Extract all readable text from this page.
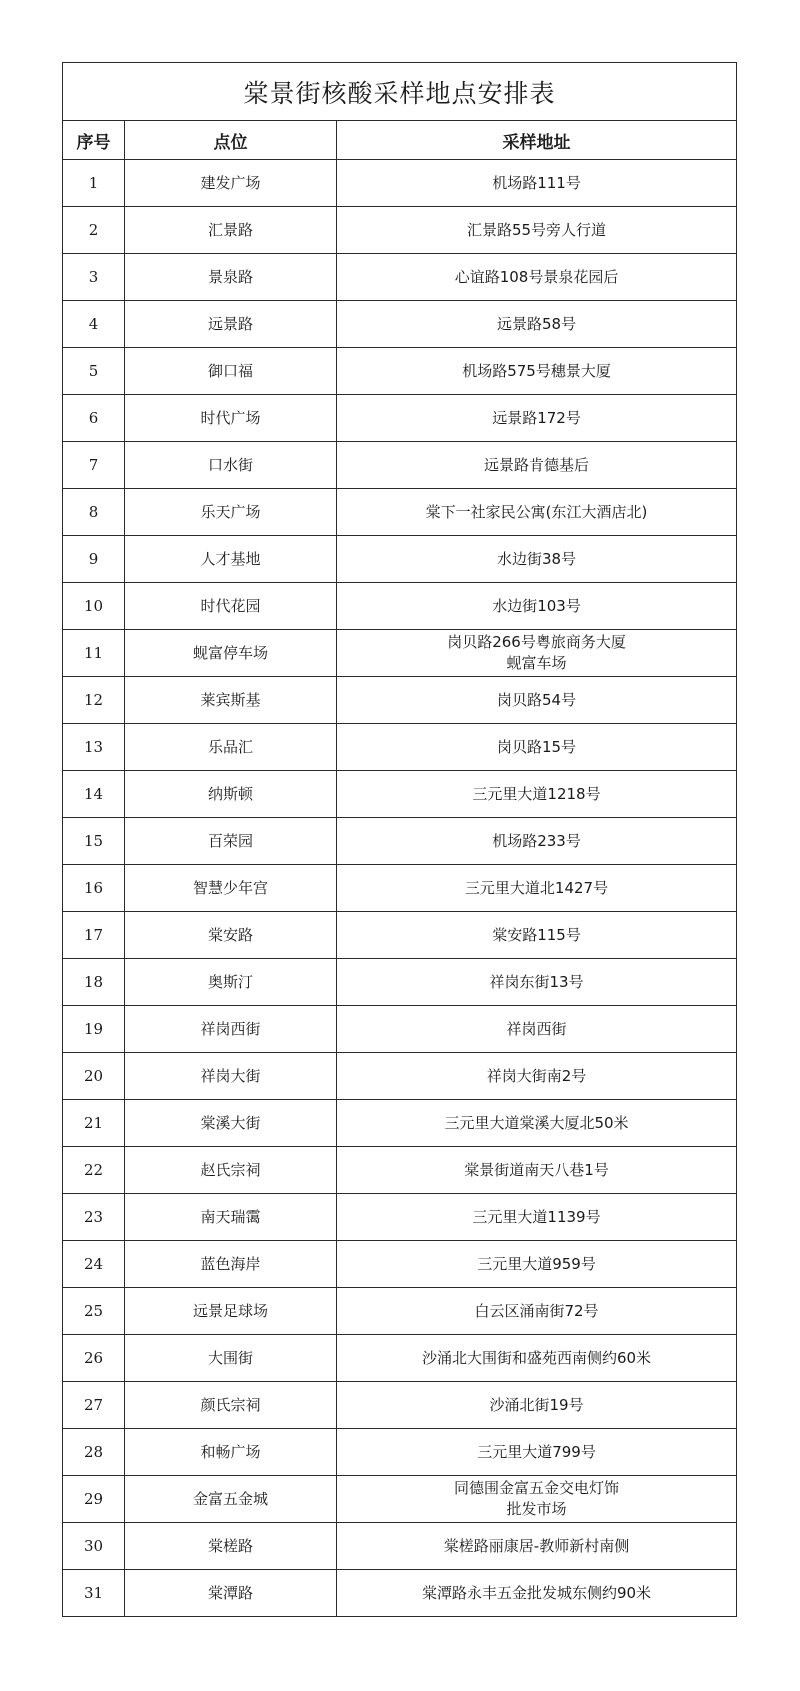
棠景街核酸采样地点安排表		
序号	点位	采样地址
1	建发广场	机场路111号

2	汇景路	汇景路55号旁人行道

3	景泉路	心谊路108号景泉花园后

4	远景路	远景路58号

5	御口福	机场路575号穗景大厦

6	时代广场	远景路172号

7	口水街	远景路肯德基后

8	乐天广场	棠下一社家民公寓(东江大酒店北)

9	人才基地	水边街38号

10	时代花园	水边街103号

11	蚬富停车场	岗贝路266号粤旅商务大厦
蚬富车场

12	莱宾斯基	岗贝路54号

13	乐品汇	岗贝路15号

14	纳斯顿	三元里大道1218号

15	百荣园	机场路233号

16	智慧少年宫	三元里大道北1427号

17	棠安路	棠安路115号

18	奥斯汀	祥岗东街13号

19	祥岗西街	祥岗西街

20	祥岗大街	祥岗大街南2号

21	棠溪大街	三元里大道棠溪大厦北50米

22	赵氏宗祠	棠景街道南天八巷1号

23	南天瑞霭	三元里大道1139号

24	蓝色海岸	三元里大道959号

25	远景足球场	白云区涌南街72号

26	大围街	沙涌北大围街和盛苑西南侧约60米

27	颜氏宗祠	沙涌北街19号

28	和畅广场	三元里大道799号

29	金富五金城	同德围金富五金交电灯饰
批发市场

30	棠槎路	棠槎路丽康居-教师新村南侧

31	棠潭路	棠潭路永丰五金批发城东侧约90米
